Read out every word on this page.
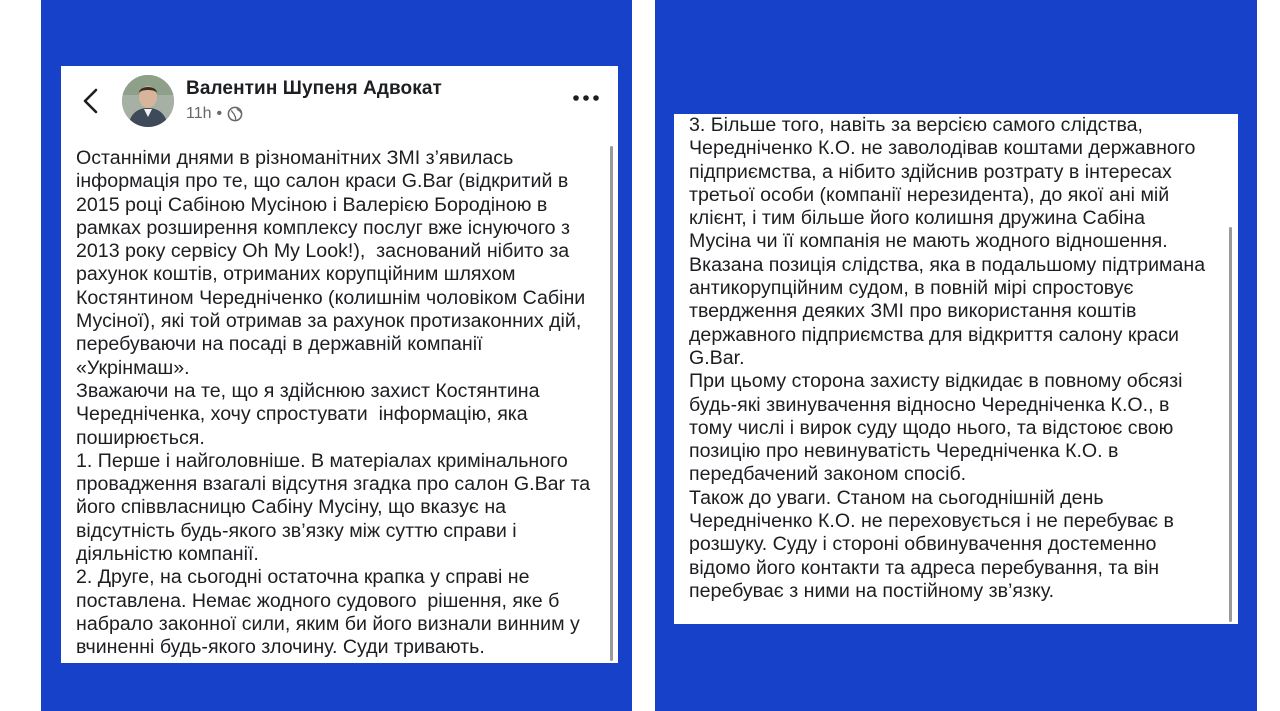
Валентин Шупеня Адвокат
11h •

Останніми днями в різноманітних ЗМІ з’явилась
інформація про те, що салон краси G.Bar (відкритий в
2015 році Сабіною Мусіною і Валерією Бородіною в
рамках розширення комплексу послуг вже існуючого з
2013 року сервісу Oh My Look!),  заснований нібито за
рахунок коштів, отриманих корупційним шляхом
Костянтином Чередніченко (колишнім чоловіком Сабіни
Мусіної), які той отримав за рахунок протизаконних дій,
перебуваючи на посаді в державній компанії
«Укрінмаш».
Зважаючи на те, що я здійснюю захист Костянтина
Чередніченка, хочу спростувати  інформацію, яка
поширюється.
1. Перше і найголовніше. В матеріалах кримінального
провадження взагалі відсутня згадка про салон G.Bar та
його співвласницю Сабіну Мусіну, що вказує на
відсутність будь-якого зв’язку між суттю справи і
діяльністю компанії.
2. Друге, на сьогодні остаточна крапка у справі не
поставлена. Немає жодного судового  рішення, яке б
набрало законної сили, яким би його визнали винним у
вчиненні будь-якого злочину. Суди тривають.

3. Більше того, навіть за версією самого слідства,
Чередніченко К.О. не заволодівав коштами державного
підприємства, а нібито здійснив розтрату в інтересах
третьої особи (компанії нерезидента), до якої ані мій
клієнт, і тим більше його колишня дружина Сабіна
Мусіна чи її компанія не мають жодного відношення.
Вказана позиція слідства, яка в подальшому підтримана
антикорупційним судом, в повній мірі спростовує
твердження деяких ЗМІ про використання коштів
державного підприємства для відкриття салону краси
G.Bar.
При цьому сторона захисту відкидає в повному обсязі
будь-які звинувачення відносно Чередніченка К.О., в
тому числі і вирок суду щодо нього, та відстоює свою
позицію про невинуватість Чередніченка К.О. в
передбачений законом спосіб.
Також до уваги. Станом на сьогоднішній день
Чередніченко К.О. не переховується і не перебуває в
розшуку. Суду і стороні обвинувачення достеменно
відомо його контакти та адреса перебування, та він
перебуває з ними на постійному зв’язку.
